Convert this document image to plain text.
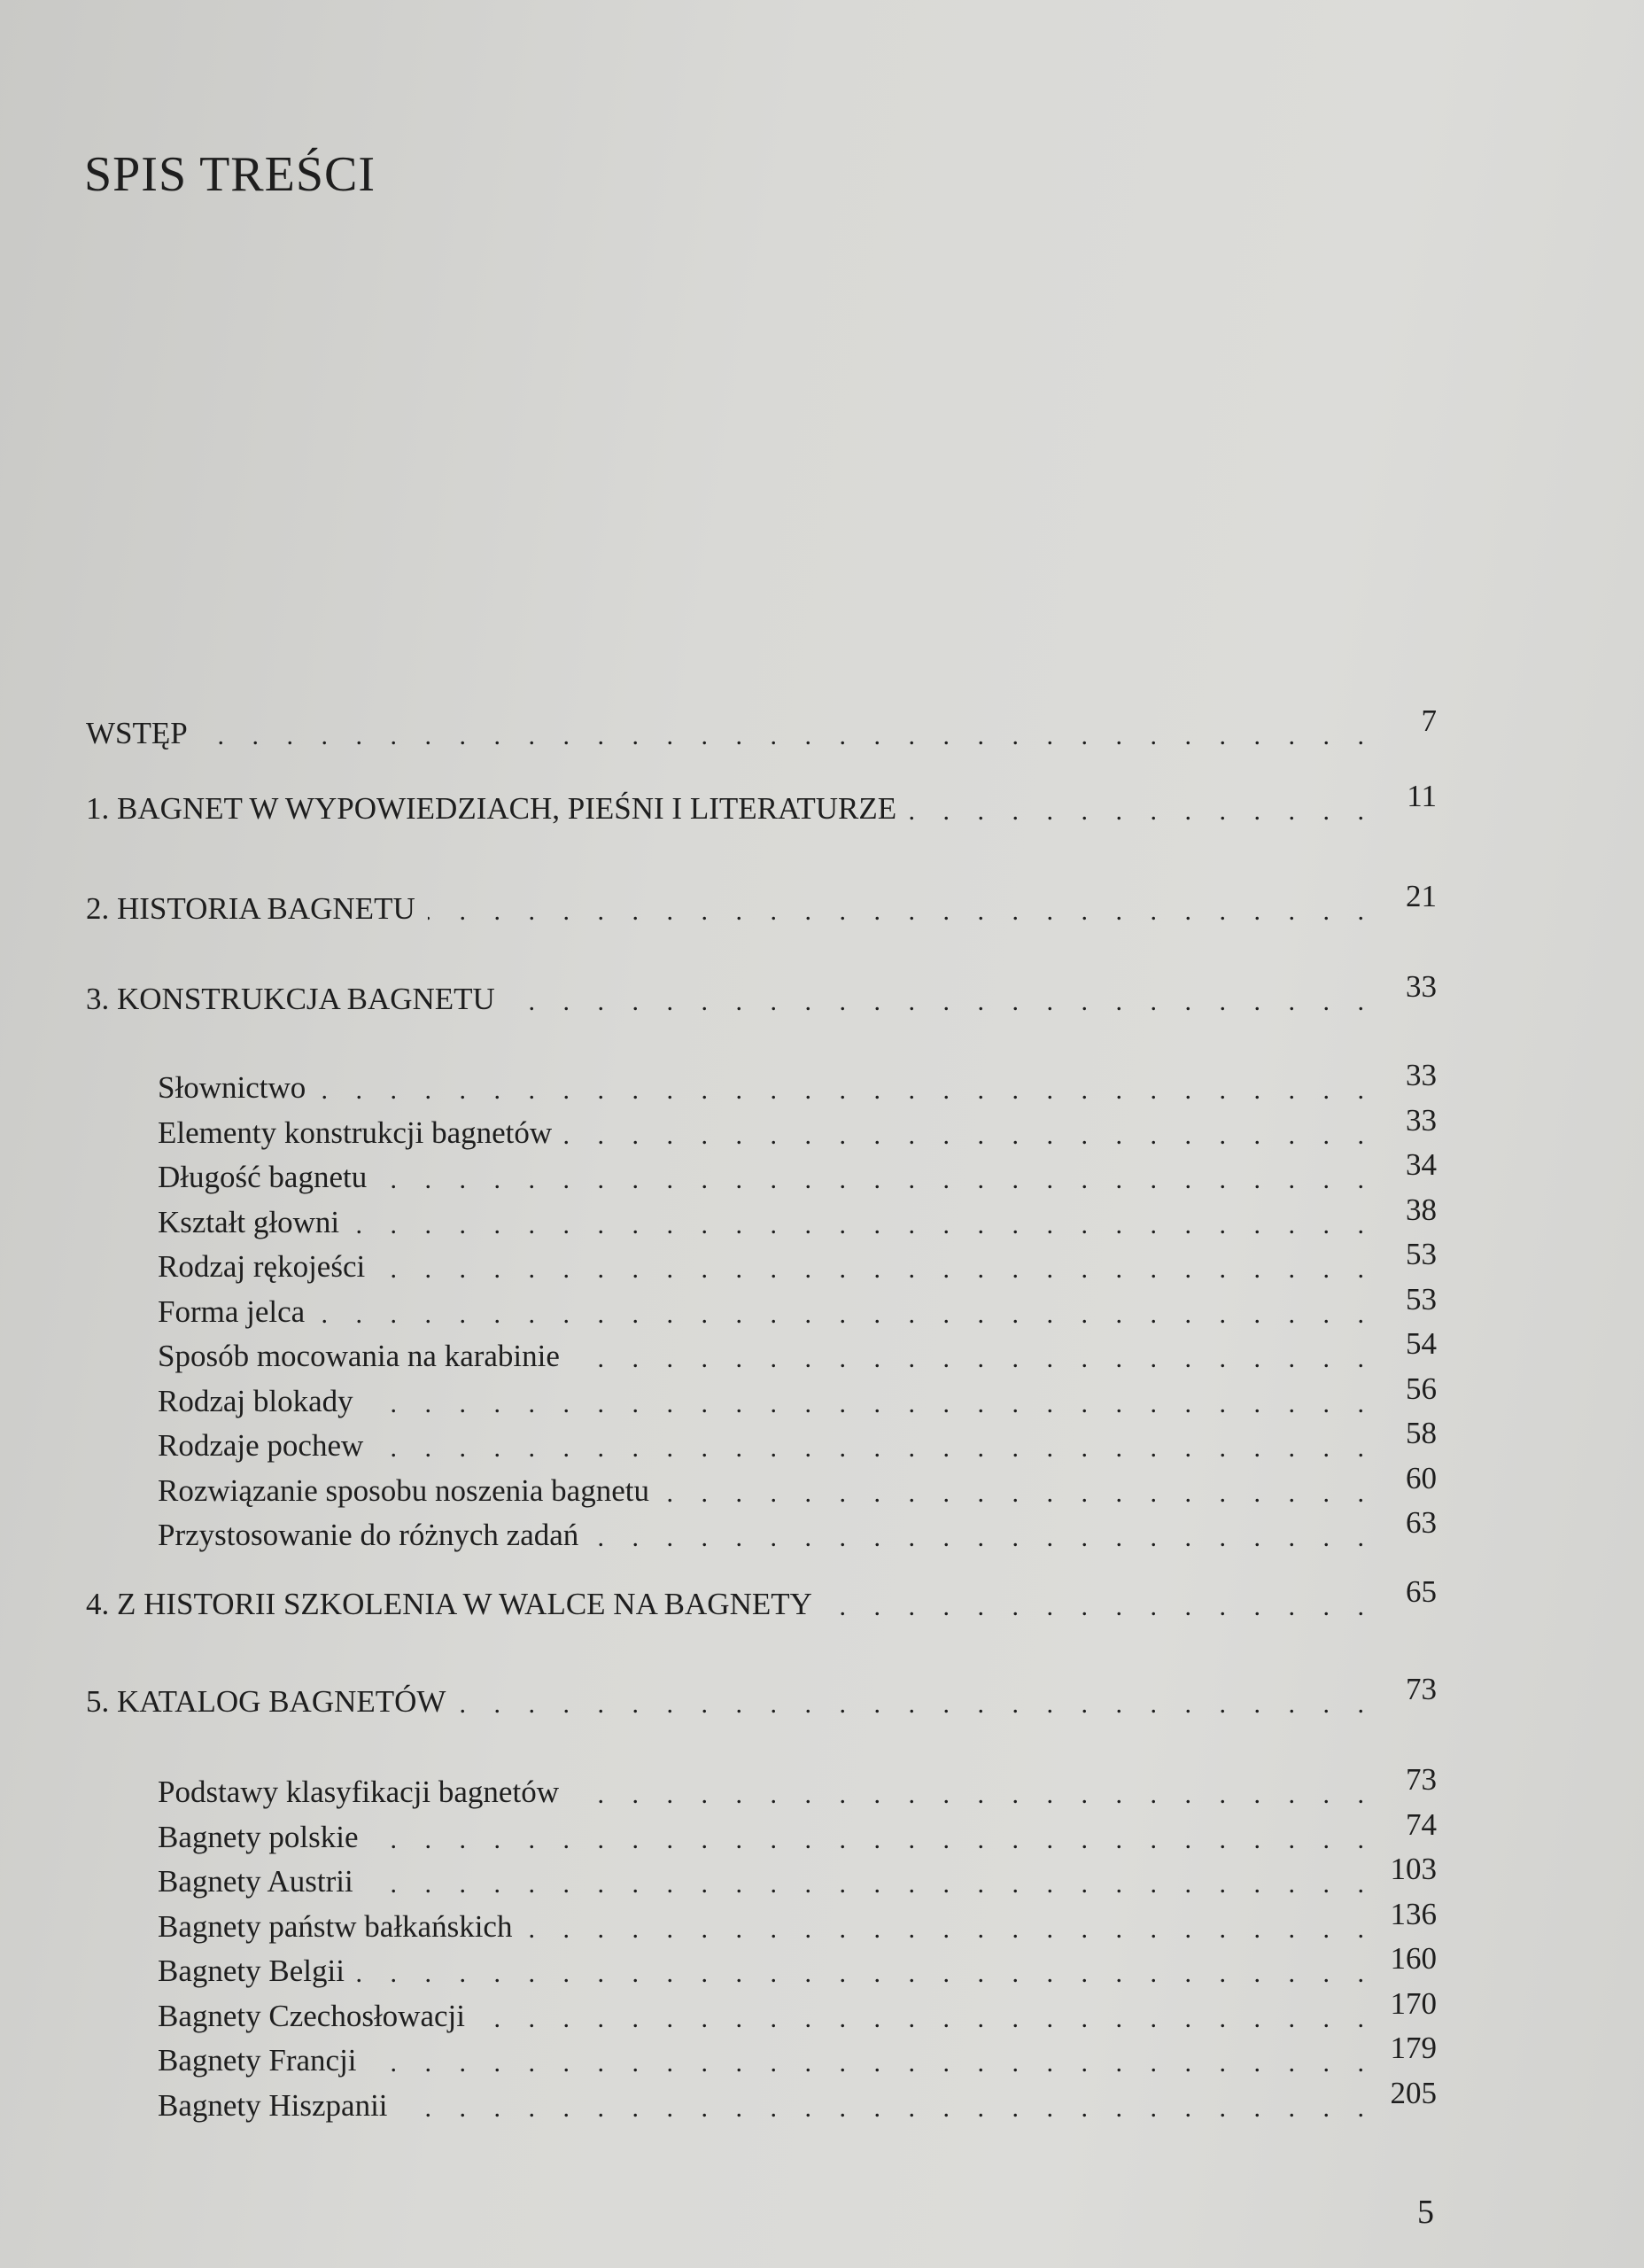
SPIS TREŚCI
WSTĘP . . .	7
1. BAGNET W WYPOWIEDZIACH, PIEŚNI I LITERATURZE . . .	11
2. HISTORIA BAGNETU . . .	21
3. KONSTRUKCJA BAGNETU . . .	33
Słownictwo . . .	33
Elementy konstrukcji bagnetów . . .	33
Długość bagnetu . . .	34
Kształt głowni . . .	38
Rodzaj rękojeści . . .	53
Forma jelca . . .	53
Sposób mocowania na karabinie . . .	54
Rodzaj blokady . . .	56
Rodzaje pochew . . .	58
Rozwiązanie sposobu noszenia bagnetu . . .	60
Przystosowanie do różnych zadań . . .	63
4. Z HISTORII SZKOLENIA W WALCE NA BAGNETY . . .	65
5. KATALOG BAGNETÓW . . .	73
Podstawy klasyfikacji bagnetów . . .	73
Bagnety polskie . . .	74
Bagnety Austrii . . .	103
Bagnety państw bałkańskich . . .	136
Bagnety Belgii . . .	160
Bagnety Czechosłowacji . . .	170
Bagnety Francji . . .	179
Bagnety Hiszpanii . . .	205
5
